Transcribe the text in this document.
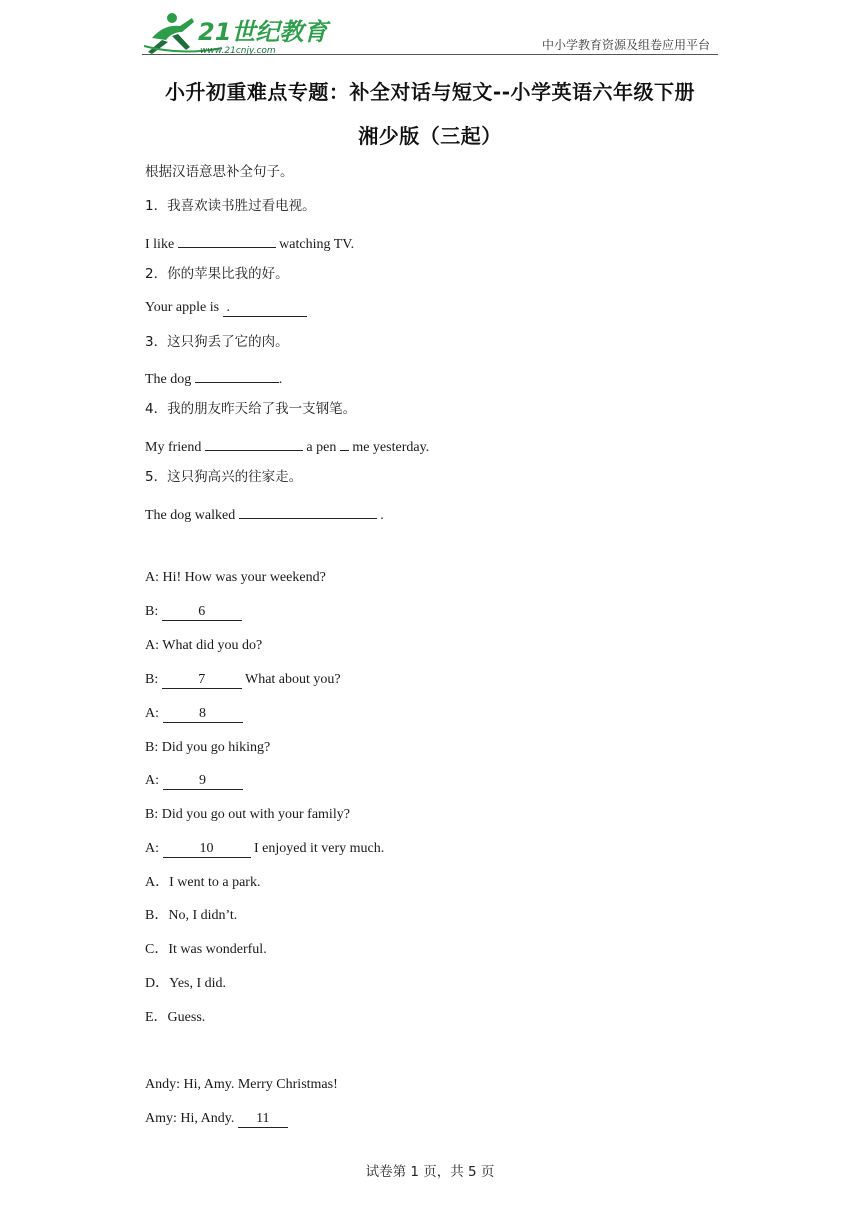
21世纪教育
www.21cnjy.com	中小学教育资源及组卷应用平台
小升初重难点专题：补全对话与短文--小学英语六年级下册
湘少版（三起）
根据汉语意思补全句子。
1．我喜欢读书胜过看电视。
I like	watching TV.
2．你的苹果比我的好。
Your apple is .
3．这只狗丢了它的肉。
The dog	.
4．我的朋友昨天给了我一支钢笔。
My friend	a pen  me yesterday.
5．这只狗高兴的往家走。
The dog walked	.
A: Hi! How was your weekend?
B:	6
A: What did you do?
B:	7	What about you?
A:	8
B: Did you go hiking?
A:	9
B: Did you go out with your family?
A:	10	I enjoyed it very much.
A．I went to a park.
B．No, I didn’t.
C．It was wonderful.
D．Yes, I did.
E．Guess.
Andy: Hi, Amy. Merry Christmas!
Amy: Hi, Andy. 11
试卷第 1 页，共 5 页
